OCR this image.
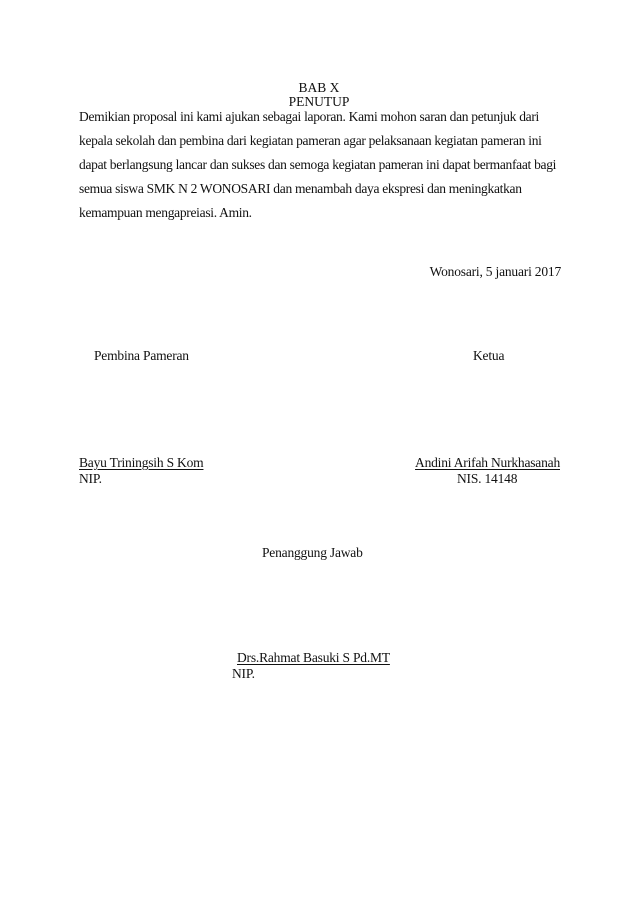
BAB X
PENUTUP
Demikian proposal ini kami ajukan sebagai laporan. Kami mohon saran dan petunjuk dari
kepala sekolah dan pembina dari kegiatan pameran agar pelaksanaan kegiatan pameran ini
dapat berlangsung lancar dan sukses dan semoga kegiatan pameran ini dapat bermanfaat bagi
semua siswa SMK N 2 WONOSARI dan menambah daya ekspresi dan meningkatkan
kemampuan mengapreiasi. Amin.
Wonosari, 5 januari 2017
Pembina Pameran	Ketua
Bayu Triningsih S Kom
NIP.
Andini Arifah Nurkhasanah
NIS. 14148
Penanggung Jawab
Drs.Rahmat Basuki S Pd.MT
NIP.
